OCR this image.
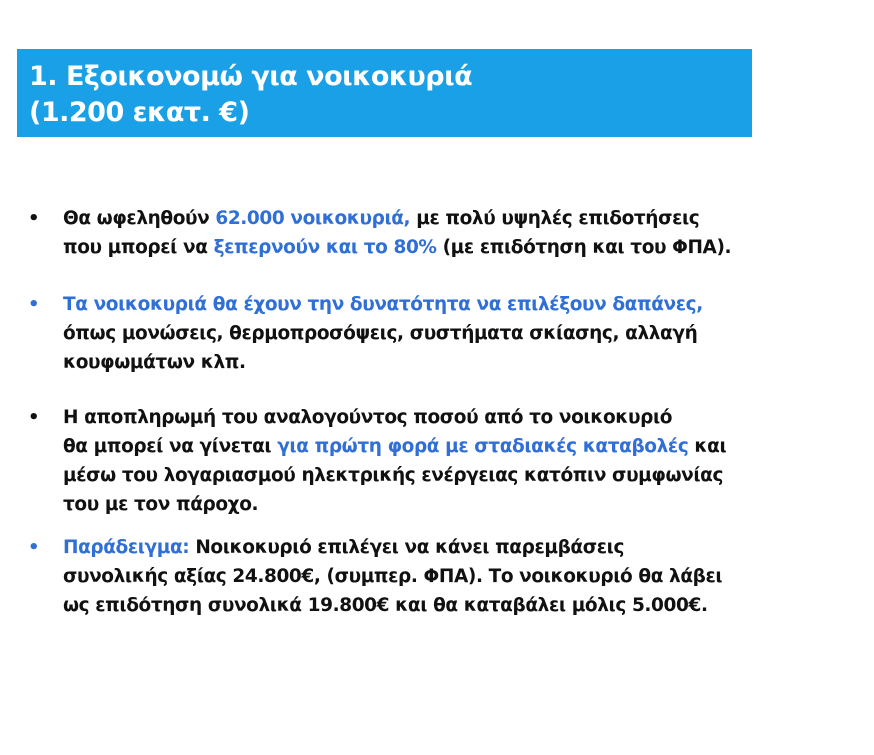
1. Εξοικονομώ για νοικοκυριά
(1.200 εκατ. €)
•	Θα ωφεληθούν 62.000 νοικοκυριά, με πολύ υψηλές επιδοτήσεις
που μπορεί να ξεπερνούν και το 80% (με επιδότηση και του ΦΠΑ).
•	Τα νοικοκυριά θα έχουν την δυνατότητα να επιλέξουν δαπάνες,
όπως μονώσεις, θερμοπροσόψεις, συστήματα σκίασης, αλλαγή
κουφωμάτων κλπ.
•	Η αποπληρωμή του αναλογούντος ποσού από το νοικοκυριό
θα μπορεί να γίνεται για πρώτη φορά με σταδιακές καταβολές και
μέσω του λογαριασμού ηλεκτρικής ενέργειας κατόπιν συμφωνίας
του με τον πάροχο.
•	Παράδειγμα: Νοικοκυριό επιλέγει να κάνει παρεμβάσεις
συνολικής αξίας 24.800€, (συμπερ. ΦΠΑ). Το νοικοκυριό θα λάβει
ως επιδότηση συνολικά 19.800€ και θα καταβάλει μόλις 5.000€.
